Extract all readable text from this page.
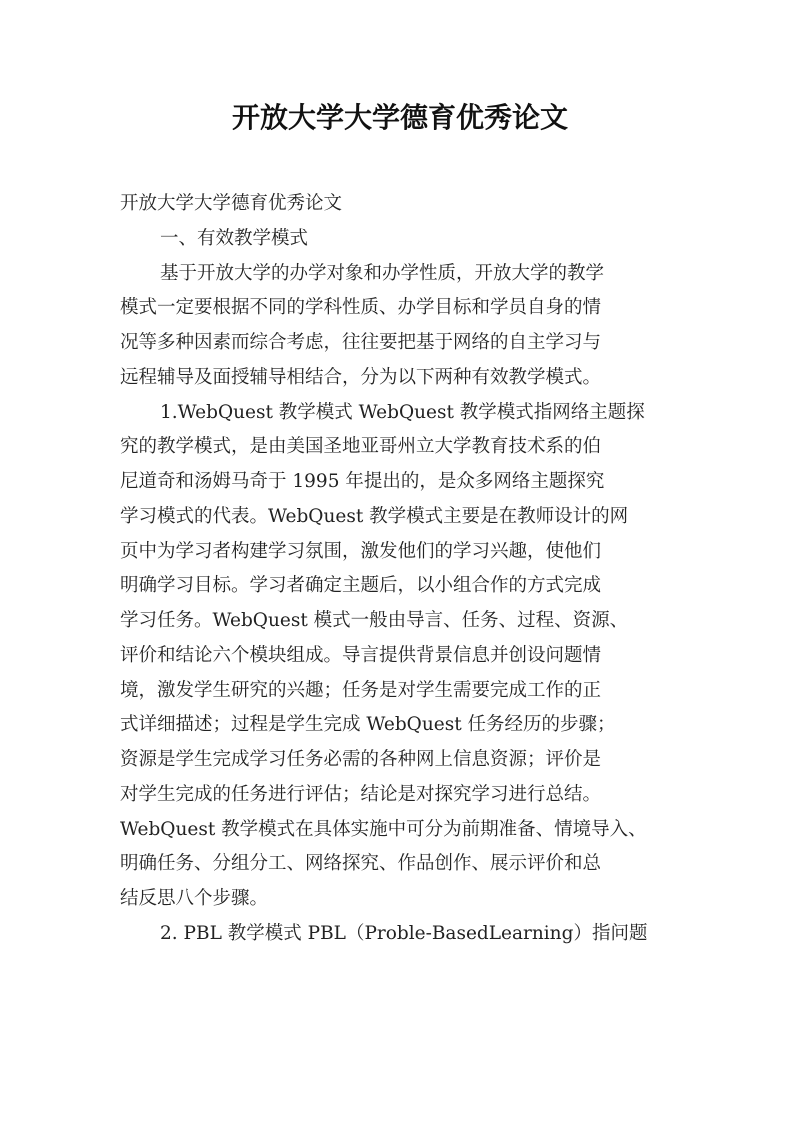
开放大学大学德育优秀论文

开放大学大学德育优秀论文

一、有效教学模式

基于开放大学的办学对象和办学性质，开放大学的教学

模式一定要根据不同的学科性质、办学目标和学员自身的情

况等多种因素而综合考虑，往往要把基于网络的自主学习与

远程辅导及面授辅导相结合，分为以下两种有效教学模式。

1.WebQuest 教学模式 WebQuest 教学模式指网络主题探

究的教学模式，是由美国圣地亚哥州立大学教育技术系的伯

尼道奇和汤姆马奇于 1995 年提出的，是众多网络主题探究

学习模式的代表。WebQuest 教学模式主要是在教师设计的网

页中为学习者构建学习氛围，激发他们的学习兴趣，使他们

明确学习目标。学习者确定主题后，以小组合作的方式完成

学习任务。WebQuest 模式一般由导言、任务、过程、资源、

评价和结论六个模块组成。导言提供背景信息并创设问题情

境，激发学生研究的兴趣；任务是对学生需要完成工作的正

式详细描述；过程是学生完成 WebQuest 任务经历的步骤；

资源是学生完成学习任务必需的各种网上信息资源；评价是

对学生完成的任务进行评估；结论是对探究学习进行总结。

WebQuest 教学模式在具体实施中可分为前期准备、情境导入、

明确任务、分组分工、网络探究、作品创作、展示评价和总

结反思八个步骤。

2. PBL 教学模式 PBL（Proble-BasedLearning）指问题
